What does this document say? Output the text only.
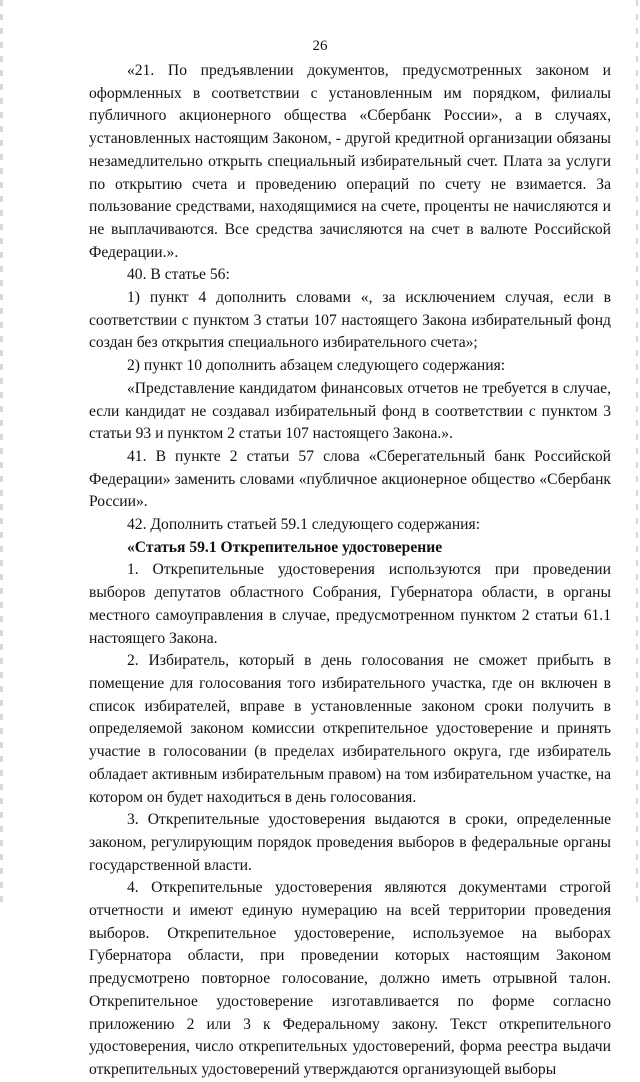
26

«21. По предъявлении документов, предусмотренных законом и оформленных в соответствии с установленным им порядком, филиалы публичного акционерного общества «Сбербанк России», а в случаях, установленных настоящим Законом, - другой кредитной организации обязаны незамедлительно открыть специальный избирательный счет. Плата за услуги по открытию счета и проведению операций по счету не взимается. За пользование средствами, находящимися на счете, проценты не начисляются и не выплачиваются. Все средства зачисляются на счет в валюте Российской Федерации.».

40. В статье 56:

1) пункт 4 дополнить словами «, за исключением случая, если в соответствии с пунктом 3 статьи 107 настоящего Закона избирательный фонд создан без открытия специального избирательного счета»;

2) пункт 10 дополнить абзацем следующего содержания:

«Представление кандидатом финансовых отчетов не требуется в случае, если кандидат не создавал избирательный фонд в соответствии с пунктом 3 статьи 93 и пунктом 2 статьи 107 настоящего Закона.».

41. В пункте 2 статьи 57 слова «Сберегательный банк Российской Федерации» заменить словами «публичное акционерное общество «Сбербанк России».

42. Дополнить статьей 59.1 следующего содержания:

«Статья 59.1 Открепительное удостоверение

1. Открепительные удостоверения используются при проведении выборов депутатов областного Собрания, Губернатора области, в органы местного самоуправления в случае, предусмотренном пунктом 2 статьи 61.1 настоящего Закона.

2. Избиратель, который в день голосования не сможет прибыть в помещение для голосования того избирательного участка, где он включен в список избирателей, вправе в установленные законом сроки получить в определяемой законом комиссии открепительное удостоверение и принять участие в голосовании (в пределах избирательного округа, где избиратель обладает активным избирательным правом) на том избирательном участке, на котором он будет находиться в день голосования.

3. Открепительные удостоверения выдаются в сроки, определенные законом, регулирующим порядок проведения выборов в федеральные органы государственной власти.

4. Открепительные удостоверения являются документами строгой отчетности и имеют единую нумерацию на всей территории проведения выборов. Открепительное удостоверение, используемое на выборах Губернатора области, при проведении которых настоящим Законом предусмотрено повторное голосование, должно иметь отрывной талон. Открепительное удостоверение изготавливается по форме согласно приложению 2 или 3 к Федеральному закону. Текст открепительного удостоверения, число открепительных удостоверений, форма реестра выдачи открепительных удостоверений утверждаются организующей выборы
